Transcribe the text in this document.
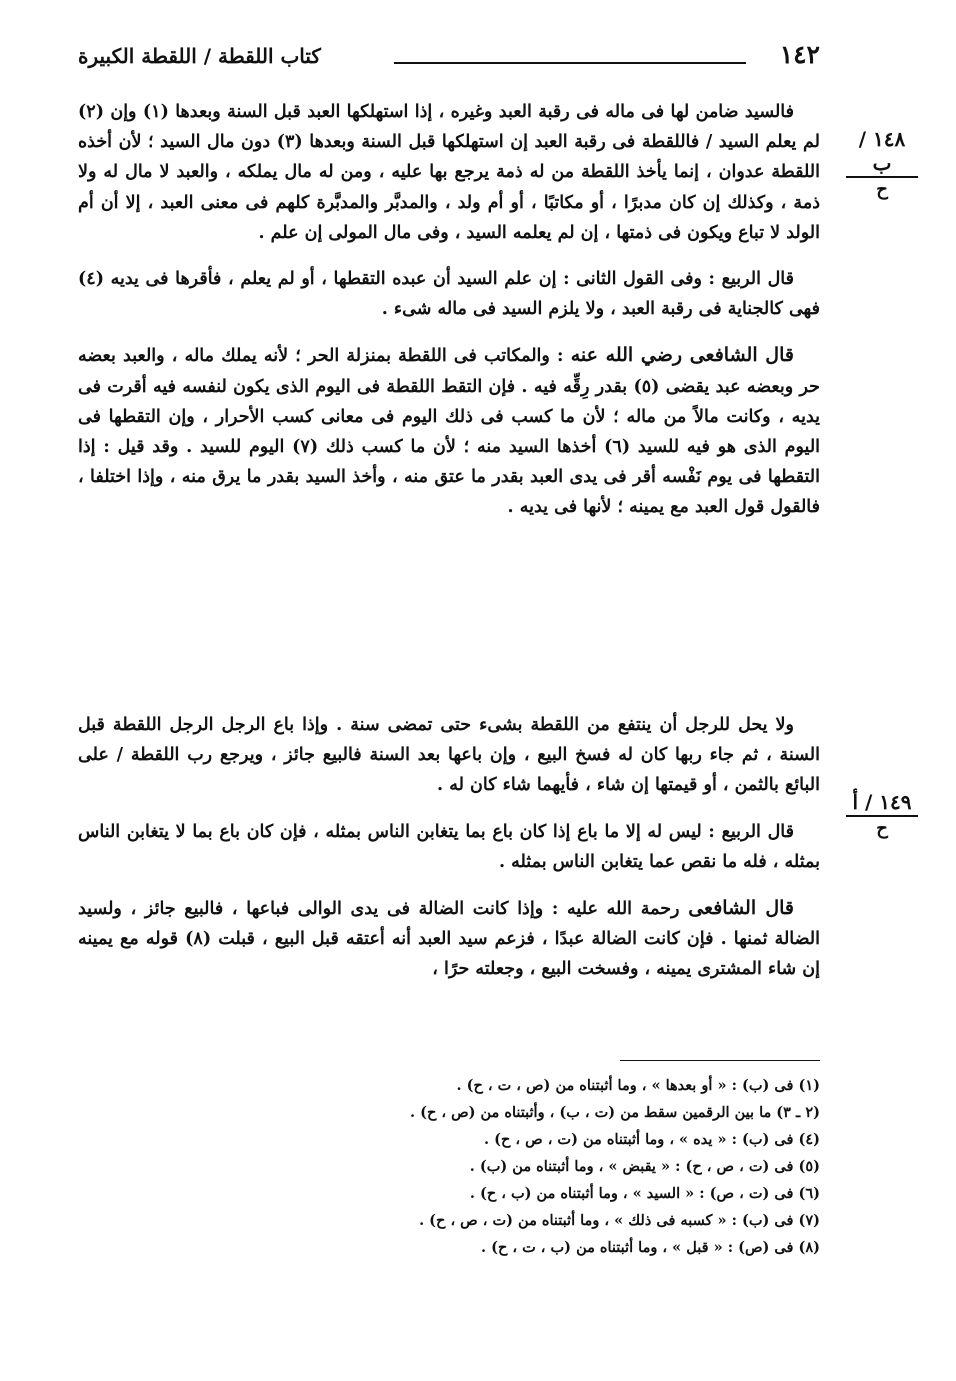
١٤٢
كتاب اللقطة / اللقطة الكبيرة
١٤٨ / ب
ح
١٤٩ / أ
ح

فالسيد ضامن لها فى ماله فى رقبة العبد وغيره ، إذا استهلكها العبد قبل السنة وبعدها (١) وإن (٢) لم يعلم السيد / فاللقطة فى رقبة العبد إن استهلكها قبل السنة وبعدها (٣) دون مال السيد ؛ لأن أخذه اللقطة عدوان ، إنما يأخذ اللقطة من له ذمة يرجع بها عليه ، ومن له مال يملكه ، والعبد لا مال له ولا ذمة ، وكذلك إن كان مدبرًا ، أو مكاتبًا ، أو أم ولد ، والمدبَّر والمدبَّرة كلهم فى معنى العبد ، إلا أن أم الولد لا تباع ويكون فى ذمتها ، إن لم يعلمه السيد ، وفى مال المولى إن علم .

قال الربيع : وفى القول الثانى : إن علم السيد أن عبده التقطها ، أو لم يعلم ، فأقرها فى يديه (٤) فهى كالجناية فى رقبة العبد ، ولا يلزم السيد فى ماله شىء .

قال الشافعى رضي الله عنه : والمكاتب فى اللقطة بمنزلة الحر ؛ لأنه يملك ماله ، والعبد بعضه حر وبعضه عبد يقضى (٥) بقدر رِقِّه فيه . فإن التقط اللقطة فى اليوم الذى يكون لنفسه فيه أقرت فى يديه ، وكانت مالاً من ماله ؛ لأن ما كسب فى ذلك اليوم فى معانى كسب الأحرار ، وإن التقطها فى اليوم الذى هو فيه للسيد (٦) أخذها السيد منه ؛ لأن ما كسب ذلك (٧) اليوم للسيد . وقد قيل : إذا التقطها فى يوم نَفْسه أقر فى يدى العبد بقدر ما عتق منه ، وأخذ السيد بقدر ما يرق منه ، وإذا اختلفا ، فالقول قول العبد مع يمينه ؛ لأنها فى يديه .

ولا يحل للرجل أن ينتفع من اللقطة بشىء حتى تمضى سنة . وإذا باع الرجل الرجل اللقطة قبل السنة ، ثم جاء ربها كان له فسخ البيع ، وإن باعها بعد السنة فالبيع جائز ، ويرجع رب اللقطة / على البائع بالثمن ، أو قيمتها إن شاء ، فأيهما شاء كان له .

قال الربيع : ليس له إلا ما باع إذا كان باع بما يتغابن الناس بمثله ، فإن كان باع بما لا يتغابن الناس بمثله ، فله ما نقص عما يتغابن الناس بمثله .

قال الشافعى رحمة الله عليه : وإذا كانت الضالة فى يدى الوالى فباعها ، فالبيع جائز ، ولسيد الضالة ثمنها . فإن كانت الضالة عبدًا ، فزعم سيد العبد أنه أعتقه قبل البيع ، قبلت (٨) قوله مع يمينه إن شاء المشترى يمينه ، وفسخت البيع ، وجعلته حرًا ،

(١) فى (ب) : « أو بعدها » ، وما أثبتناه من (ص ، ت ، ح) .
(٢ ـ ٣) ما بين الرقمين سقط من (ت ، ب) ، وأثبتناه من (ص ، ح) .
(٤) فى (ب) : « يده » ، وما أثبتناه من (ت ، ص ، ح) .
(٥) فى (ت ، ص ، ح) : « يقبض » ، وما أثبتناه من (ب) .
(٦) فى (ت ، ص) : « السيد » ، وما أثبتناه من (ب ، ح) .
(٧) فى (ب) : « كسبه فى ذلك » ، وما أثبتناه من (ت ، ص ، ح) .
(٨) فى (ص) : « قبل » ، وما أثبتناه من (ب ، ت ، ح) .
